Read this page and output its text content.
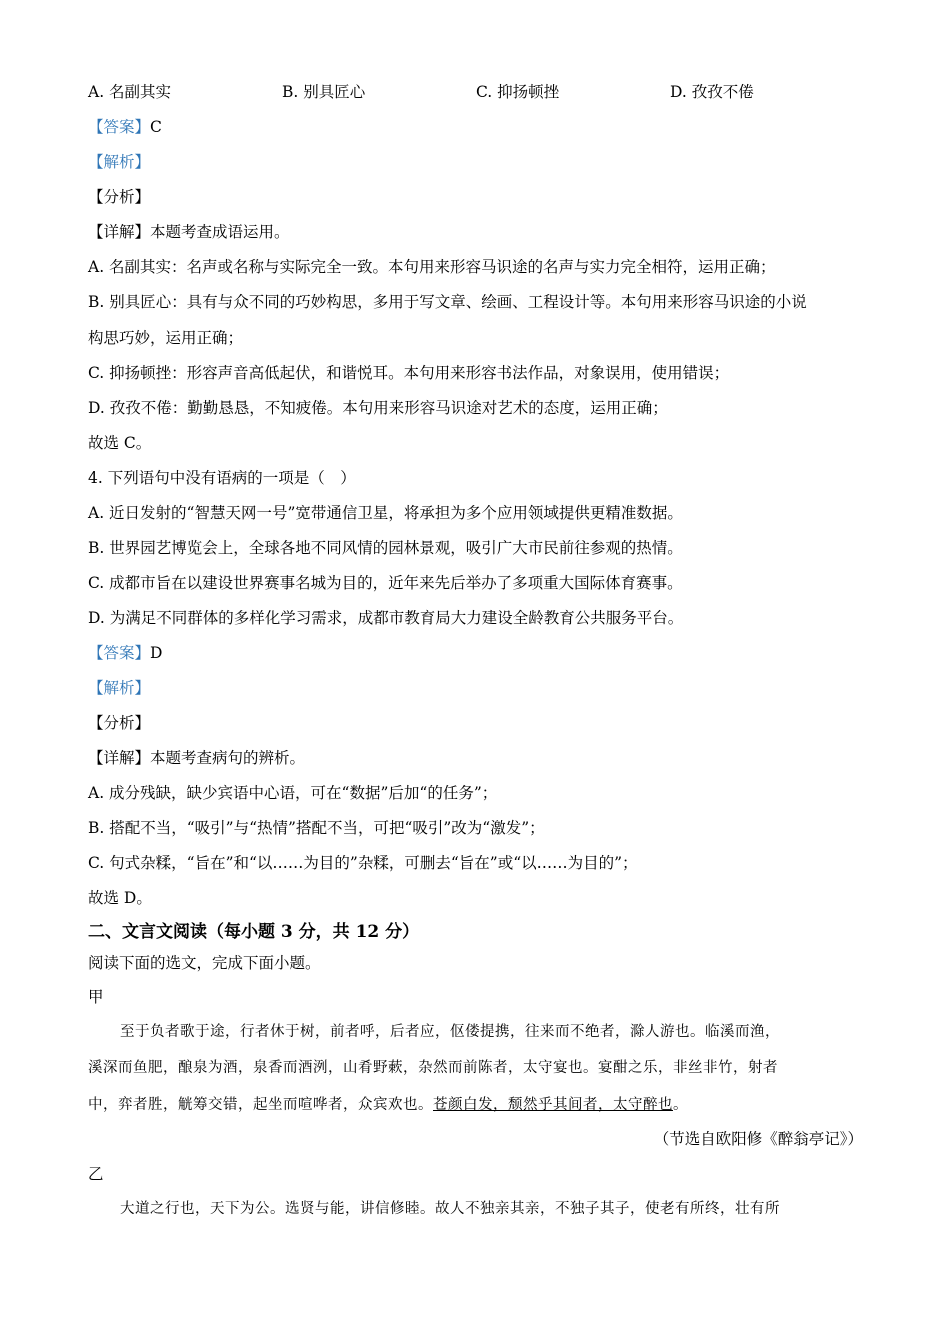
A. 名副其实	B. 别具匠心	C. 抑扬顿挫	D. 孜孜不倦
【答案】C
【解析】
【分析】
【详解】本题考查成语运用。
A. 名副其实：名声或名称与实际完全一致。本句用来形容马识途的名声与实力完全相符，运用正确；
B. 别具匠心：具有与众不同的巧妙构思，多用于写文章、绘画、工程设计等。本句用来形容马识途的小说
构思巧妙，运用正确；
C. 抑扬顿挫：形容声音高低起伏，和谐悦耳。本句用来形容书法作品，对象误用，使用错误；
D. 孜孜不倦：勤勤恳恳，不知疲倦。本句用来形容马识途对艺术的态度，运用正确；
故选 C。
4. 下列语句中没有语病的一项是（　）
A. 近日发射的“智慧天网一号”宽带通信卫星，将承担为多个应用领域提供更精准数据。
B. 世界园艺博览会上，全球各地不同风情的园林景观，吸引广大市民前往参观的热情。
C. 成都市旨在以建设世界赛事名城为目的，近年来先后举办了多项重大国际体育赛事。
D. 为满足不同群体的多样化学习需求，成都市教育局大力建设全龄教育公共服务平台。
【答案】D
【解析】
【分析】
【详解】本题考查病句的辨析。
A. 成分残缺，缺少宾语中心语，可在“数据”后加“的任务”；
B. 搭配不当，“吸引”与“热情”搭配不当，可把“吸引”改为“激发”；
C. 句式杂糅，“旨在”和“以……为目的”杂糅，可删去“旨在”或“以……为目的”；
故选 D。
二、文言文阅读（每小题 3 分，共 12 分）
阅读下面的选文，完成下面小题。
甲
至于负者歌于途，行者休于树，前者呼，后者应，伛偻提携，往来而不绝者，滁人游也。临溪而渔，
溪深而鱼肥，酿泉为酒，泉香而酒洌，山肴野蔌，杂然而前陈者，太守宴也。宴酣之乐，非丝非竹，射者
中，弈者胜，觥筹交错，起坐而喧哗者，众宾欢也。苍颜白发，颓然乎其间者，太守醉也。
（节选自欧阳修《醉翁亭记》）
乙
大道之行也，天下为公。选贤与能，讲信修睦。故人不独亲其亲，不独子其子，使老有所终，壮有所
